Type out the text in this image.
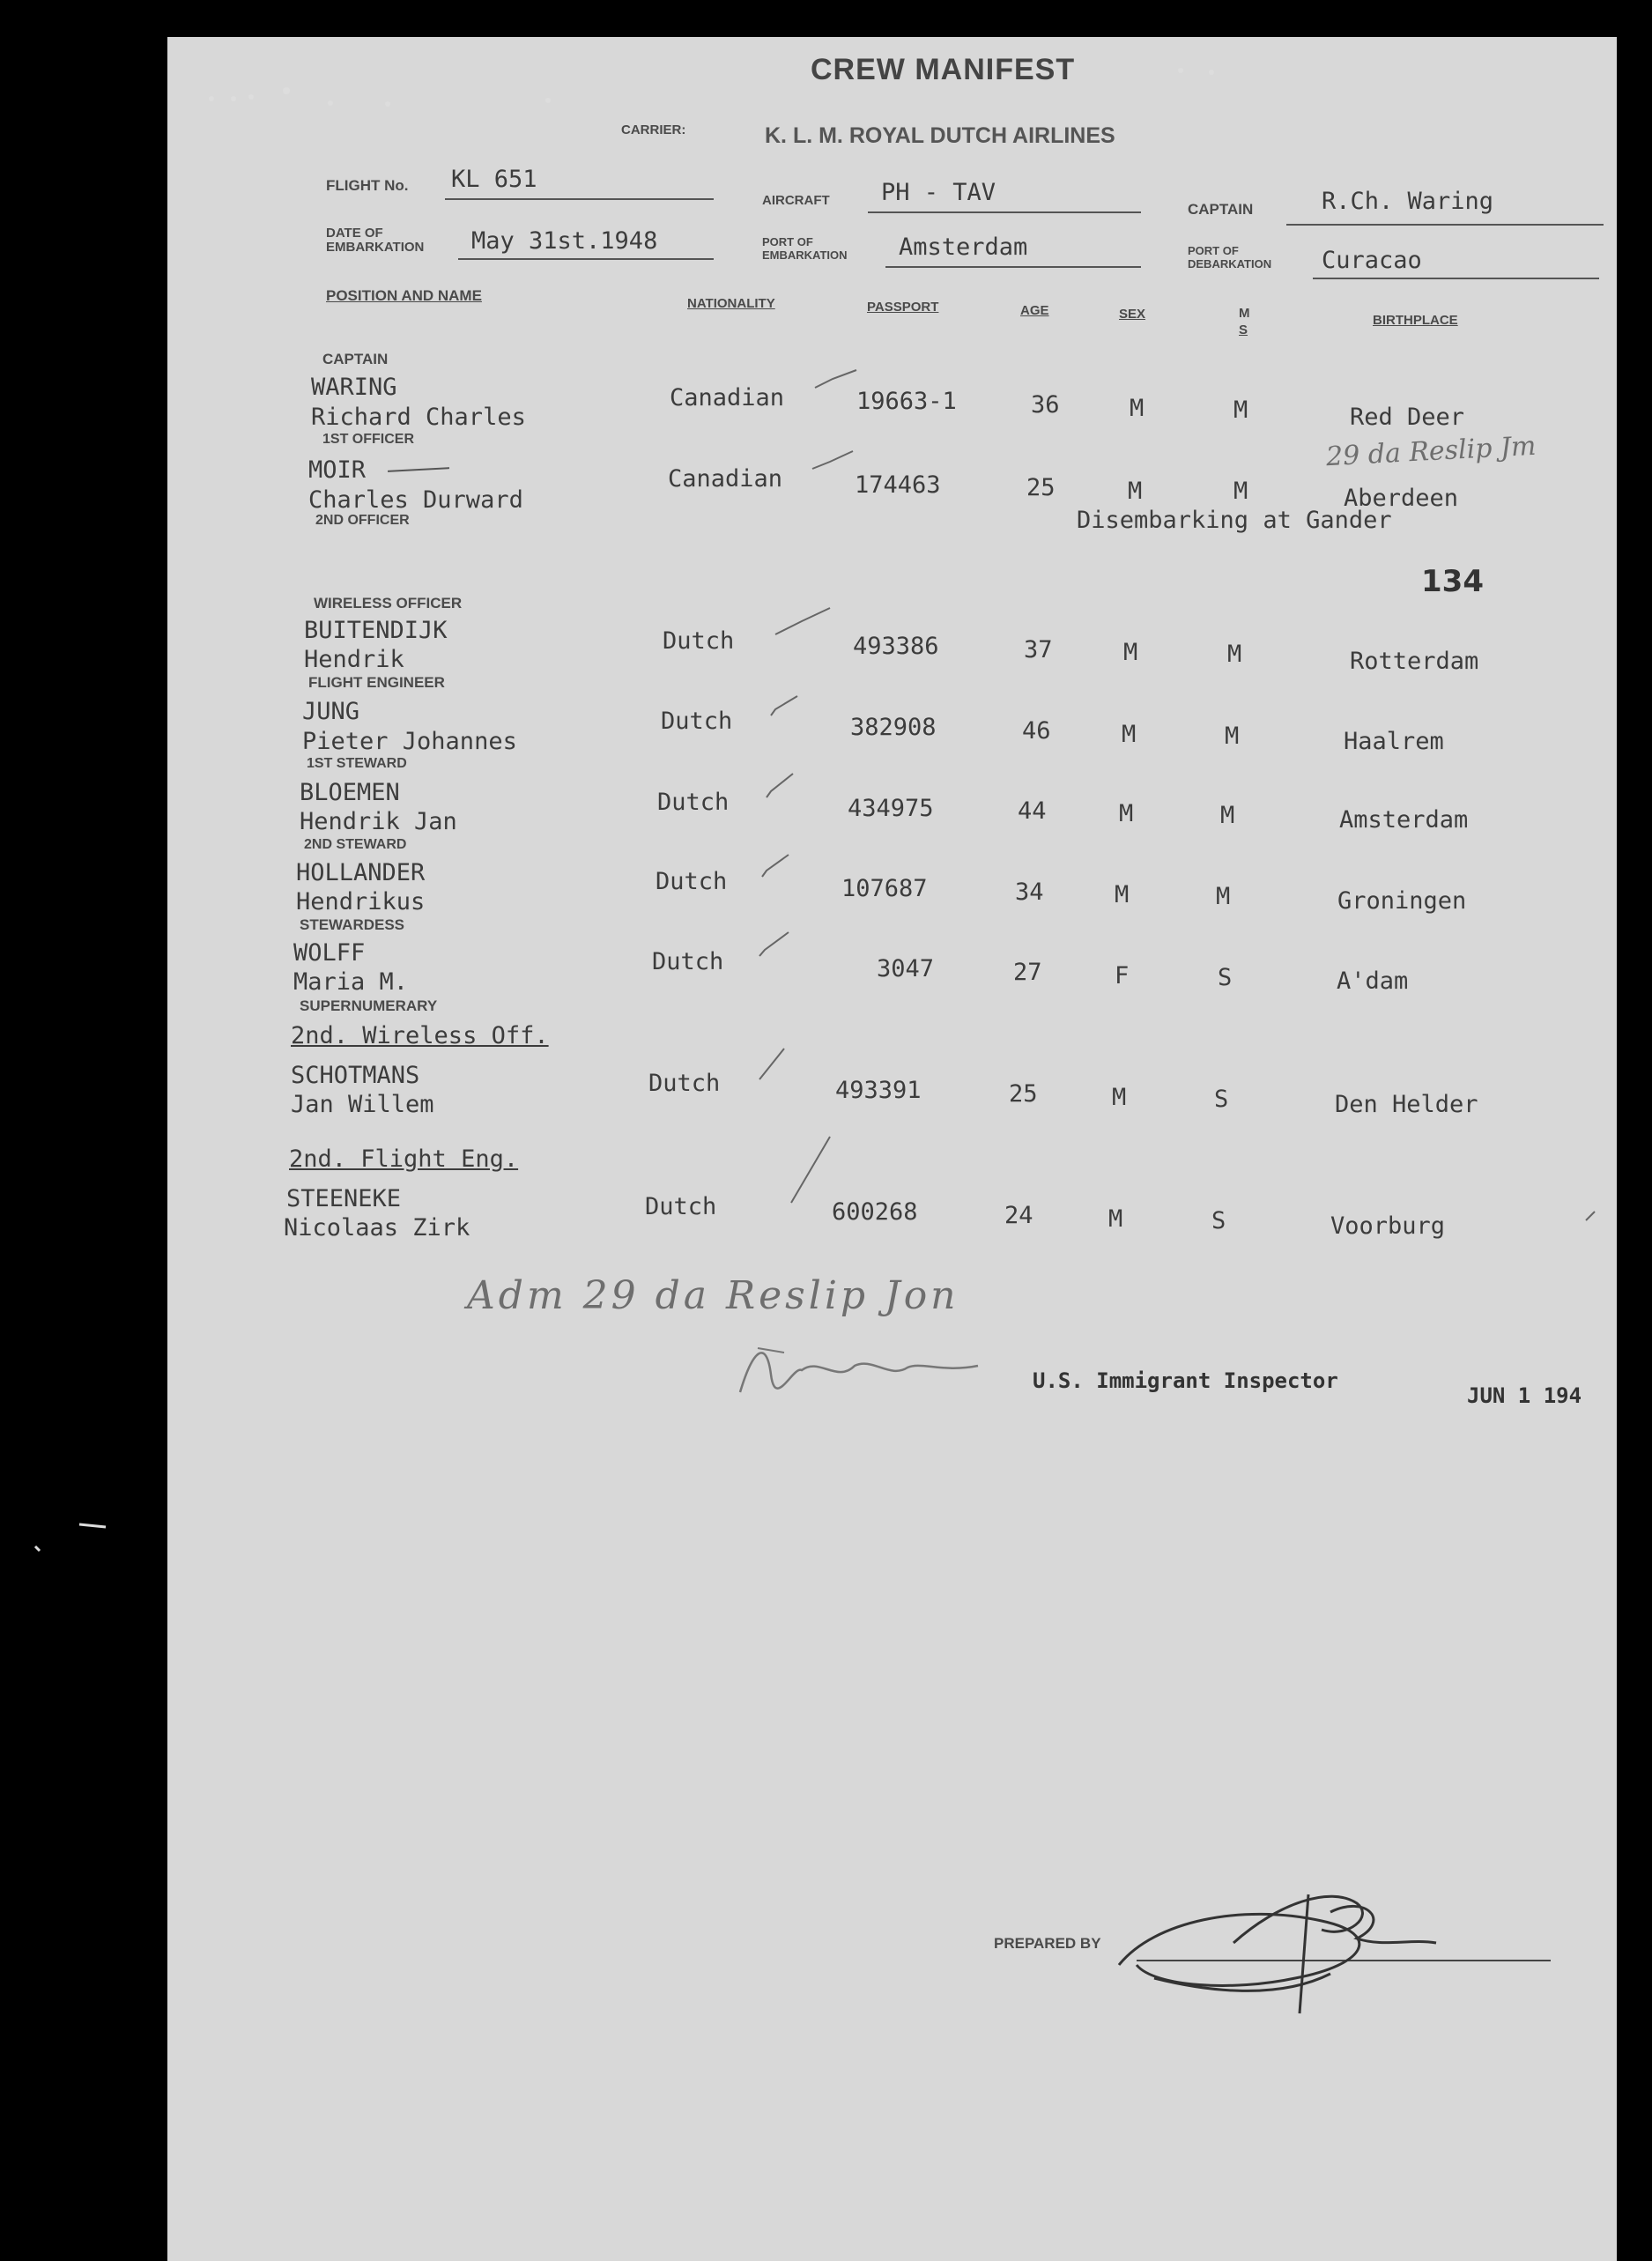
CREW MANIFEST
CARRIER:	K. L. M. ROYAL DUTCH AIRLINES
FLIGHT No. KL 651
AIRCRAFT PH - TAV
CAPTAIN	R.Ch. Waring
DATE OF
EMBARKATION May 31st.1948	PORT OF
EMBARKATION Amsterdam	PORT OF
DEBARKATION Curacao
POSITION AND NAME	NATIONALITY	PASSPORT	AGE	SEX	M
S
BIRTHPLACE
CAPTAIN
WARING
Richard Charles
Canadian	19663-1	36	M	M	Red Deer
1ST OFFICER
MOIR
Charles Durward
Canadian	174463	25	M	M	Aberdeen
29 da Reslip Jm
Disembarking at Gander
2ND OFFICER
134
WIRELESS OFFICER
BUITENDIJK
Hendrik
Dutch	493386	37	M	M	Rotterdam
FLIGHT ENGINEER
JUNG
Pieter Johannes
Dutch	382908	46	M	M	Haalrem
1ST STEWARD
BLOEMEN
Hendrik Jan
Dutch	434975	44	M	M	Amsterdam
2ND STEWARD
HOLLANDER
Hendrikus
Dutch	107687	34	M	M	Groningen
STEWARDESS
WOLFF
Maria M.
Dutch	3047	27	F	S	A'dam
SUPERNUMERARY
2nd. Wireless Off.
SCHOTMANS
Jan Willem
Dutch	493391	25	M	S	Den Helder
2nd. Flight Eng.
STEENEKE
Nicolaas Zirk
Dutch	600268	24	M	S	Voorburg
Adm 29 da Reslip Jon
U.S. Immigrant Inspector
JUN 1 194
PREPARED BY
